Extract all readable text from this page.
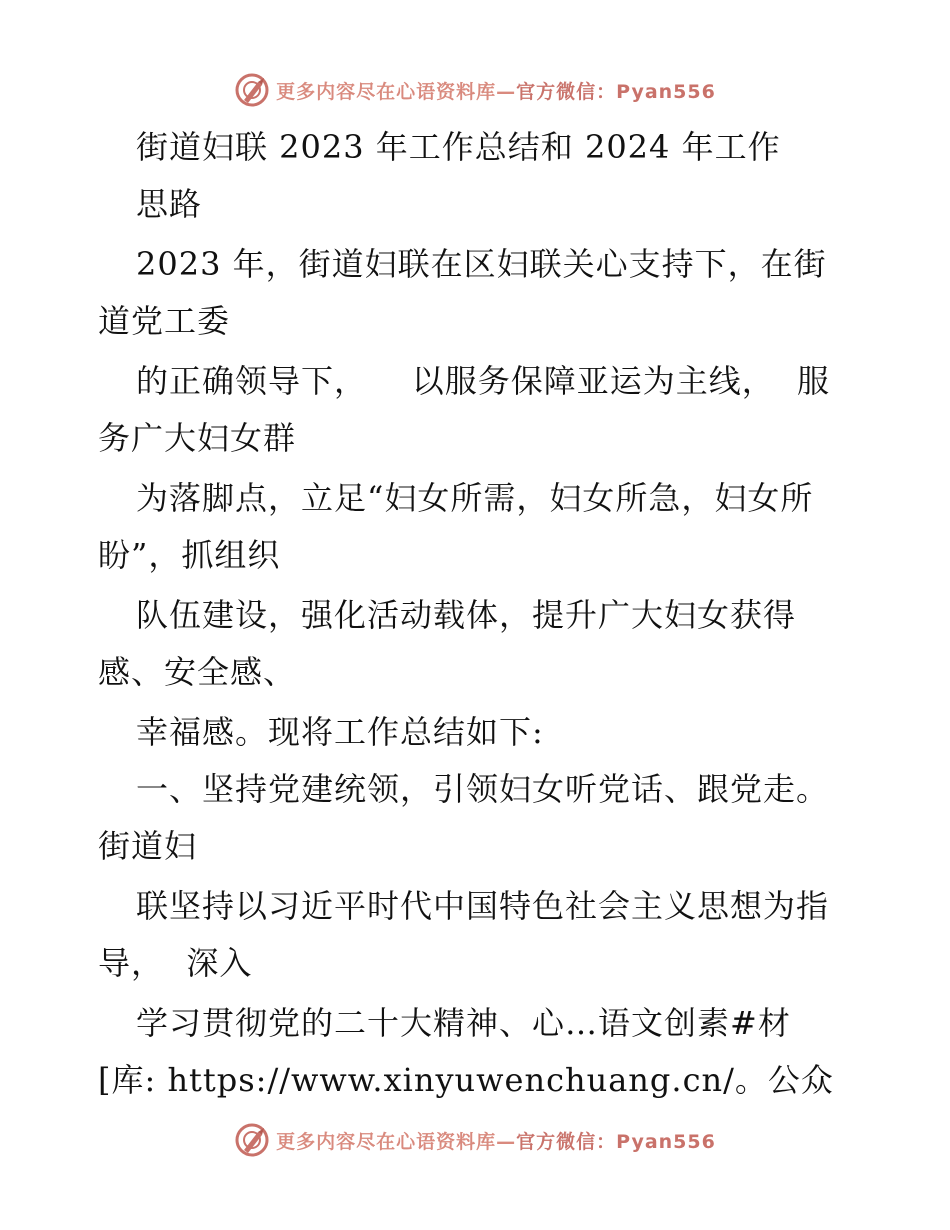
更多内容尽在心语资料库—官方微信：Pyan556
街道妇联 2023 年工作总结和 2024 年工作
思路
2023 年，街道妇联在区妇联关心支持下，在街
道党工委
的正确领导下，    以服务保障亚运为主线，  服
务广大妇女群
为落脚点，立足“妇女所需，妇女所急，妇女所
盼”，抓组织
队伍建设，强化活动载体，提升广大妇女获得
感、安全感、
幸福感。现将工作总结如下:
一、坚持党建统领，引领妇女听党话、跟党走。
街道妇
联坚持以习近平时代中国特色社会主义思想为指
导，  深入
学习贯彻党的二十大精神、心…语文创素#材
[库: https://www.xinyuwenchuang.cn/。公众
更多内容尽在心语资料库—官方微信：Pyan556
